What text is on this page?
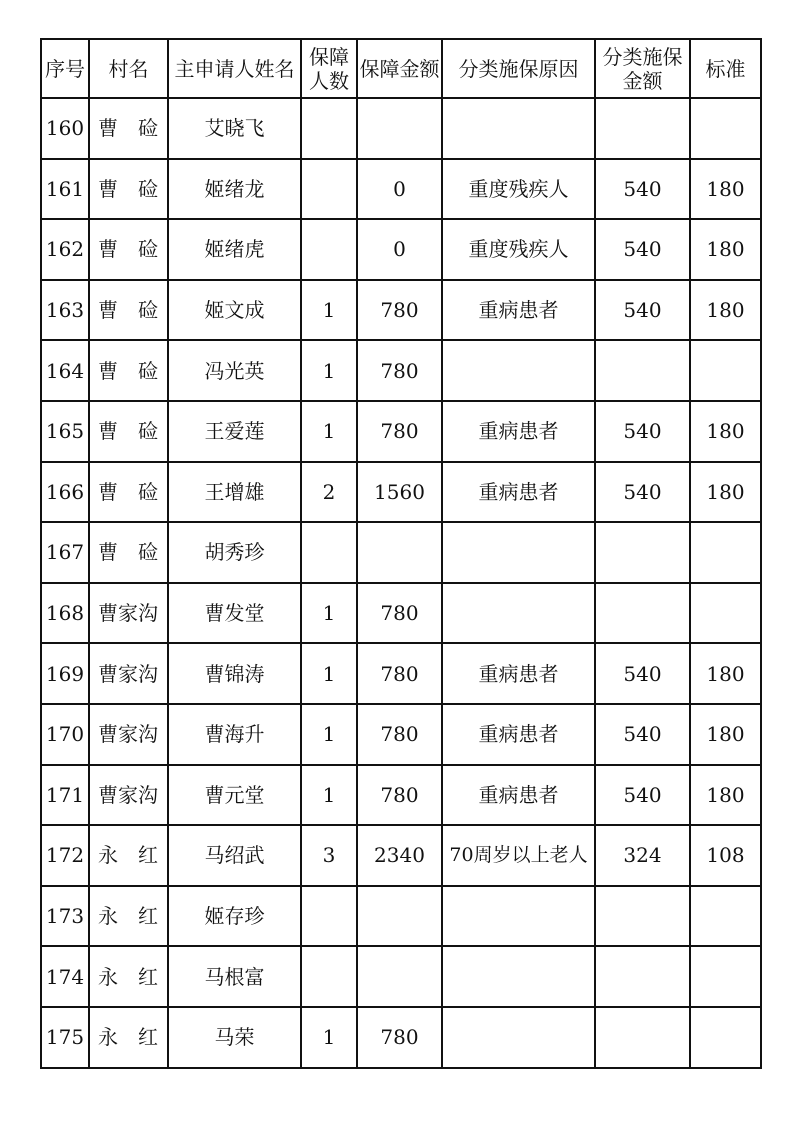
序号	村名	主申请人姓名	保障人数	保障金额	分类施保原因	分类施保金额	标准
160	曹　硷	艾晓飞					
161	曹　硷	姬绪龙		0	重度残疾人	540	180
162	曹　硷	姬绪虎		0	重度残疾人	540	180
163	曹　硷	姬文成	1	780	重病患者	540	180
164	曹　硷	冯光英	1	780			
165	曹　硷	王爱莲	1	780	重病患者	540	180
166	曹　硷	王增雄	2	1560	重病患者	540	180
167	曹　硷	胡秀珍					
168	曹家沟	曹发堂	1	780			
169	曹家沟	曹锦涛	1	780	重病患者	540	180
170	曹家沟	曹海升	1	780	重病患者	540	180
171	曹家沟	曹元堂	1	780	重病患者	540	180
172	永　红	马绍武	3	2340	70周岁以上老人	324	108
173	永　红	姬存珍					
174	永　红	马根富					
175	永　红	马荣	1	780			
